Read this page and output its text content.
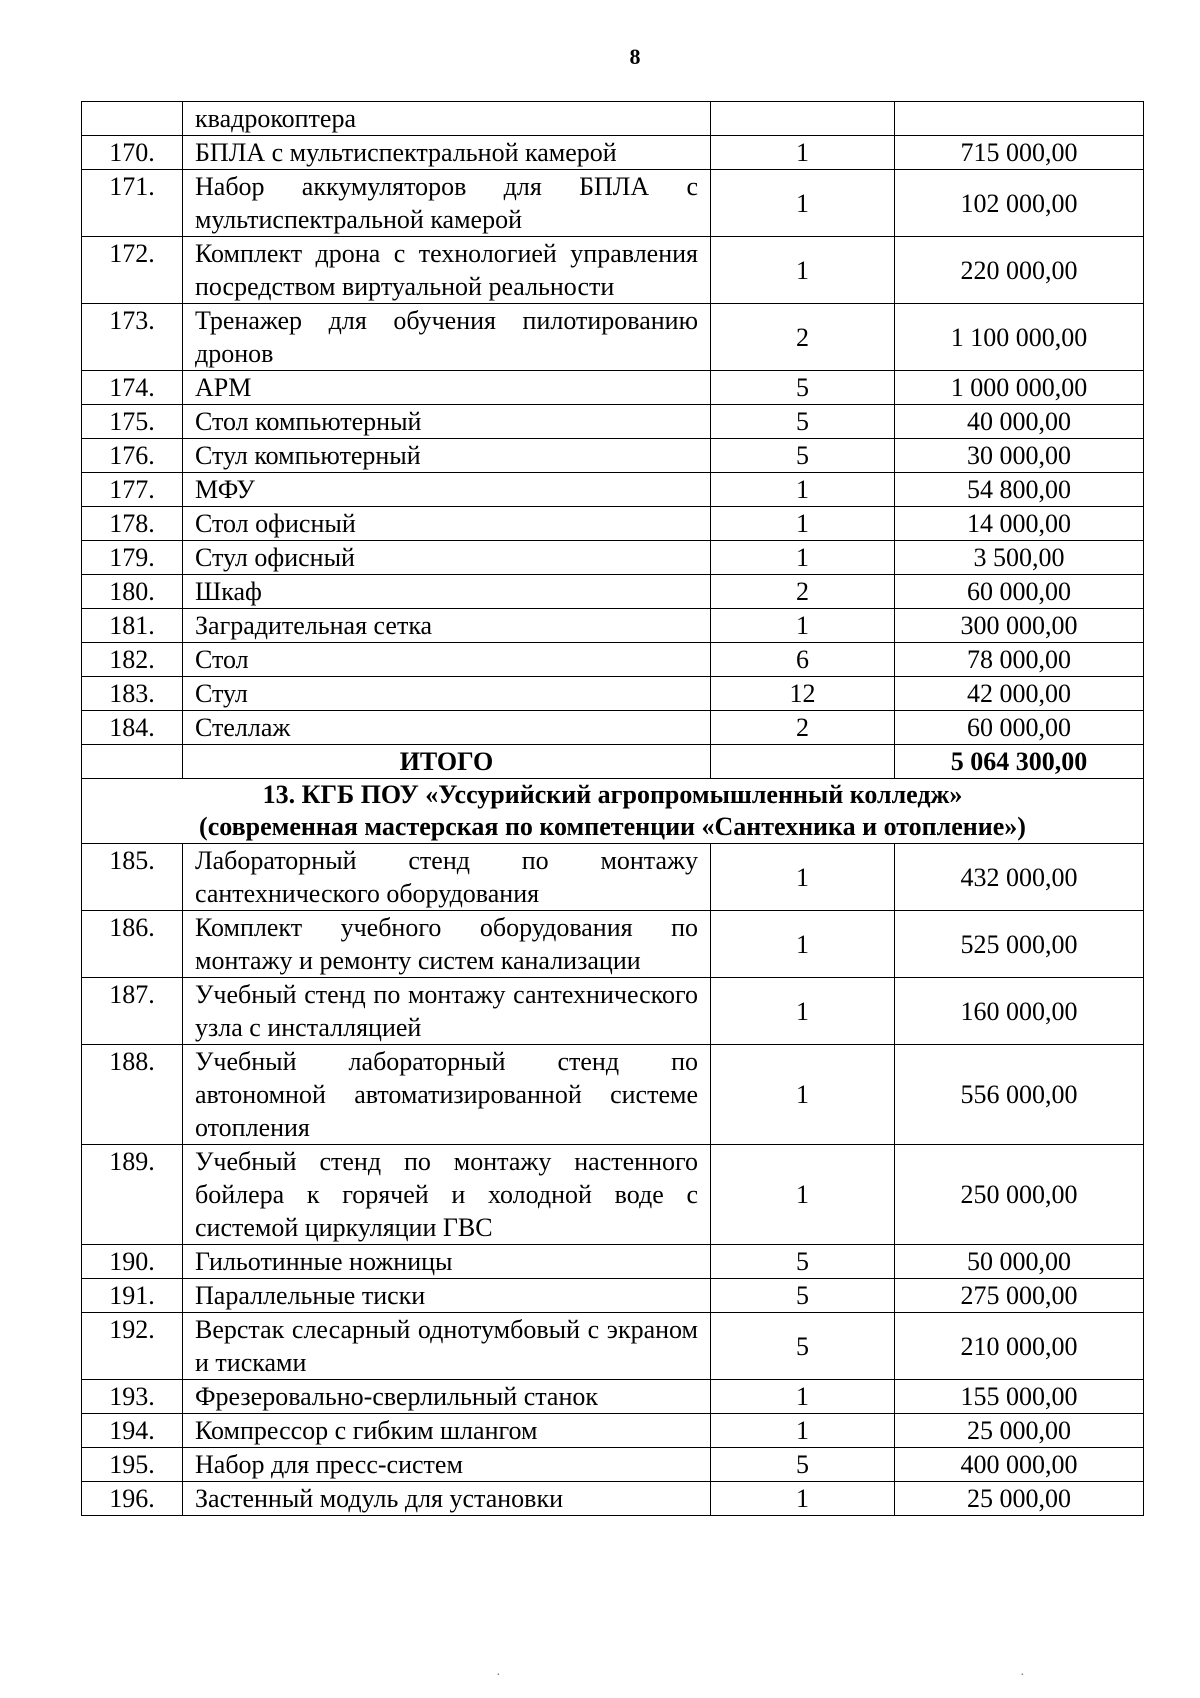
8
	квадрокоптера		
170.	БПЛА с мультиспектральной камерой	1	715 000,00
171.	Набор аккумуляторов для БПЛА с мультиспектральной камерой	1	102 000,00
172.	Комплект дрона с технологией управления посредством виртуальной реальности	1	220 000,00
173.	Тренажер для обучения пилотированию дронов	2	1 100 000,00
174.	АРМ	5	1 000 000,00
175.	Стол компьютерный	5	40 000,00
176.	Стул компьютерный	5	30 000,00
177.	МФУ	1	54 800,00
178.	Стол офисный	1	14 000,00
179.	Стул офисный	1	3 500,00
180.	Шкаф	2	60 000,00
181.	Заградительная сетка	1	300 000,00
182.	Стол	6	78 000,00
183.	Стул	12	42 000,00
184.	Стеллаж	2	60 000,00
	ИТОГО		5 064 300,00

13. КГБ ПОУ «Уссурийский агропромышленный колледж»
(современная мастерская по компетенции «Сантехника и отопление»)			

185.	Лабораторный стенд по монтажу сантехнического оборудования	1	432 000,00
186.	Комплект учебного оборудования по монтажу и ремонту систем канализации	1	525 000,00
187.	Учебный стенд по монтажу сантехнического узла с инсталляцией	1	160 000,00
188.	Учебный лабораторный стенд по автономной автоматизированной системе отопления	1	556 000,00
189.	Учебный стенд по монтажу настенного бойлера к горячей и холодной воде с системой циркуляции ГВС	1	250 000,00
190.	Гильотинные ножницы	5	50 000,00
191.	Параллельные тиски	5	275 000,00
192.	Верстак слесарный однотумбовый с экраном и тисками	5	210 000,00
193.	Фрезеровально-сверлильный станок	1	155 000,00
194.	Компрессор с гибким шлангом	1	25 000,00
195.	Набор для пресс-систем	5	400 000,00
196.	Застенный модуль для установки	1	25 000,00
·	·
